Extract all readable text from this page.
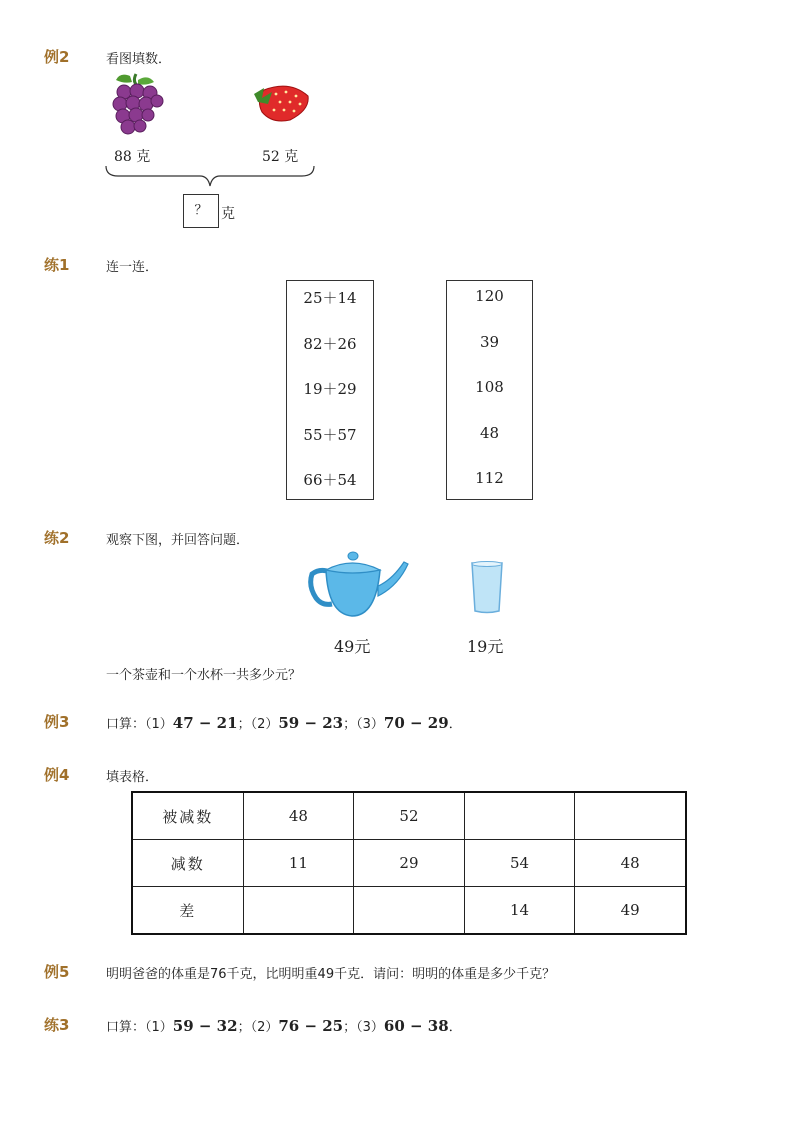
例2	看图填数．
88 克	52 克
？ 克
练1	连一连．
25＋14
82＋26
19＋29
55＋57
66＋54
120
39
108
48
112
练2	观察下图，并回答问题．
49元	19元
一个茶壶和一个水杯一共多少元？
例3	口算：（1）47 − 21；（2）59 − 23；（3）70 − 29．
例4	填表格．
被减数	48	52		
减数	11	29	54	48
差			14	49
例5	明明爸爸的体重是76千克，比明明重49千克．请问：明明的体重是多少千克？
练3	口算：（1）59 − 32；（2）76 − 25；（3）60 − 38．
